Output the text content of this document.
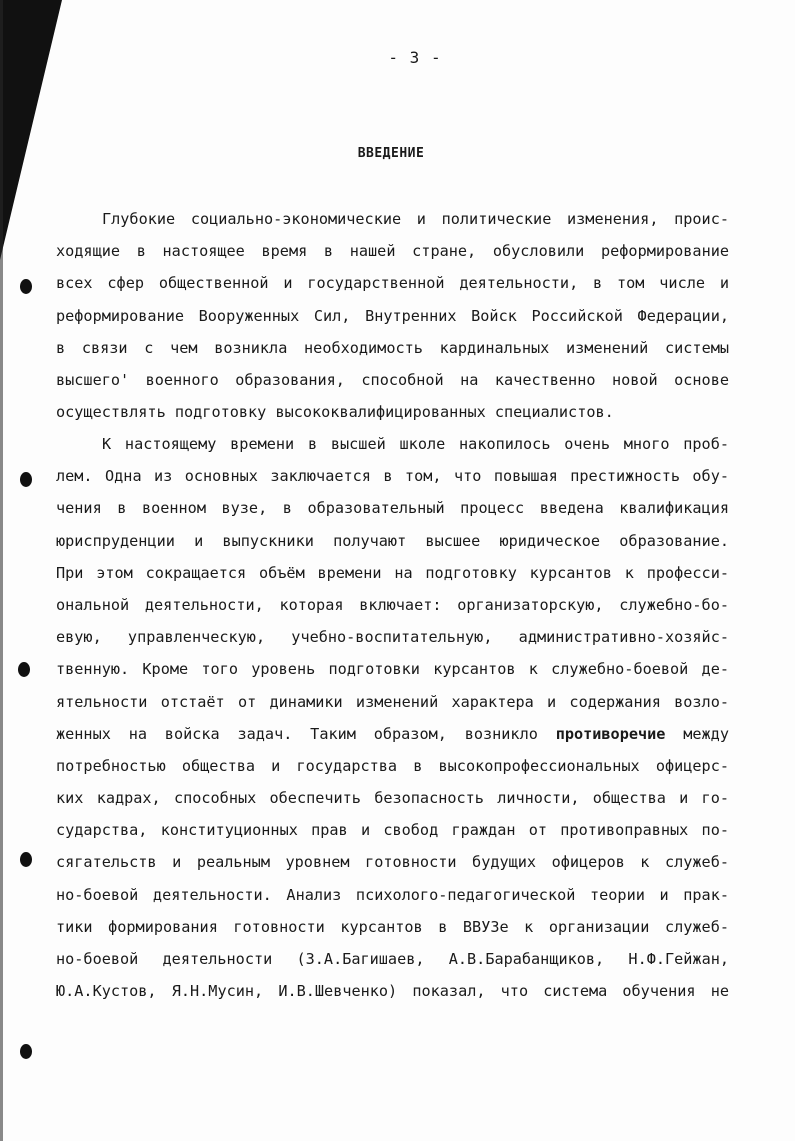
- 3 -
ВВЕДЕНИЕ
Глубокие социально-экономические и политические изменения, проис-
ходящие в настоящее время в нашей стране, обусловили реформирование
всех сфер общественной и государственной деятельности, в том числе и
реформирование Вооруженных Сил, Внутренних Войск Российской Федерации,
в связи с чем возникла необходимость кардинальных изменений системы
высшего' военного образования, способной на качественно новой основе
осуществлять подготовку высококвалифицированных специалистов.
К настоящему времени в высшей школе накопилось очень много проб-
лем. Одна из основных заключается в том, что повышая престижность обу-
чения в военном вузе, в образовательный процесс введена квалификация
юриспруденции и выпускники получают высшее юридическое образование.
При этом сокращается объём времени на подготовку курсантов к професси-
ональной деятельности, которая включает: организаторскую, служебно-бо-
евую, управленческую, учебно-воспитательную, административно-хозяйс-
твенную. Кроме того уровень подготовки курсантов к служебно-боевой де-
ятельности отстаёт от динамики изменений характера и содержания возло-
женных на войска задач. Таким образом, возникло противоречие между
потребностью общества и государства в высокопрофессиональных офицерс-
ких кадрах, способных обеспечить безопасность личности, общества и го-
сударства, конституционных прав и свобод граждан от противоправных по-
сягательств и реальным уровнем готовности будущих офицеров к служеб-
но-боевой деятельности. Анализ психолого-педагогической теории и прак-
тики формирования готовности курсантов в ВВУЗе к организации служеб-
но-боевой деятельности (З.А.Багишаев, А.В.Барабанщиков, Н.Ф.Гейжан,
Ю.А.Кустов, Я.Н.Мусин, И.В.Шевченко) показал, что система обучения не
